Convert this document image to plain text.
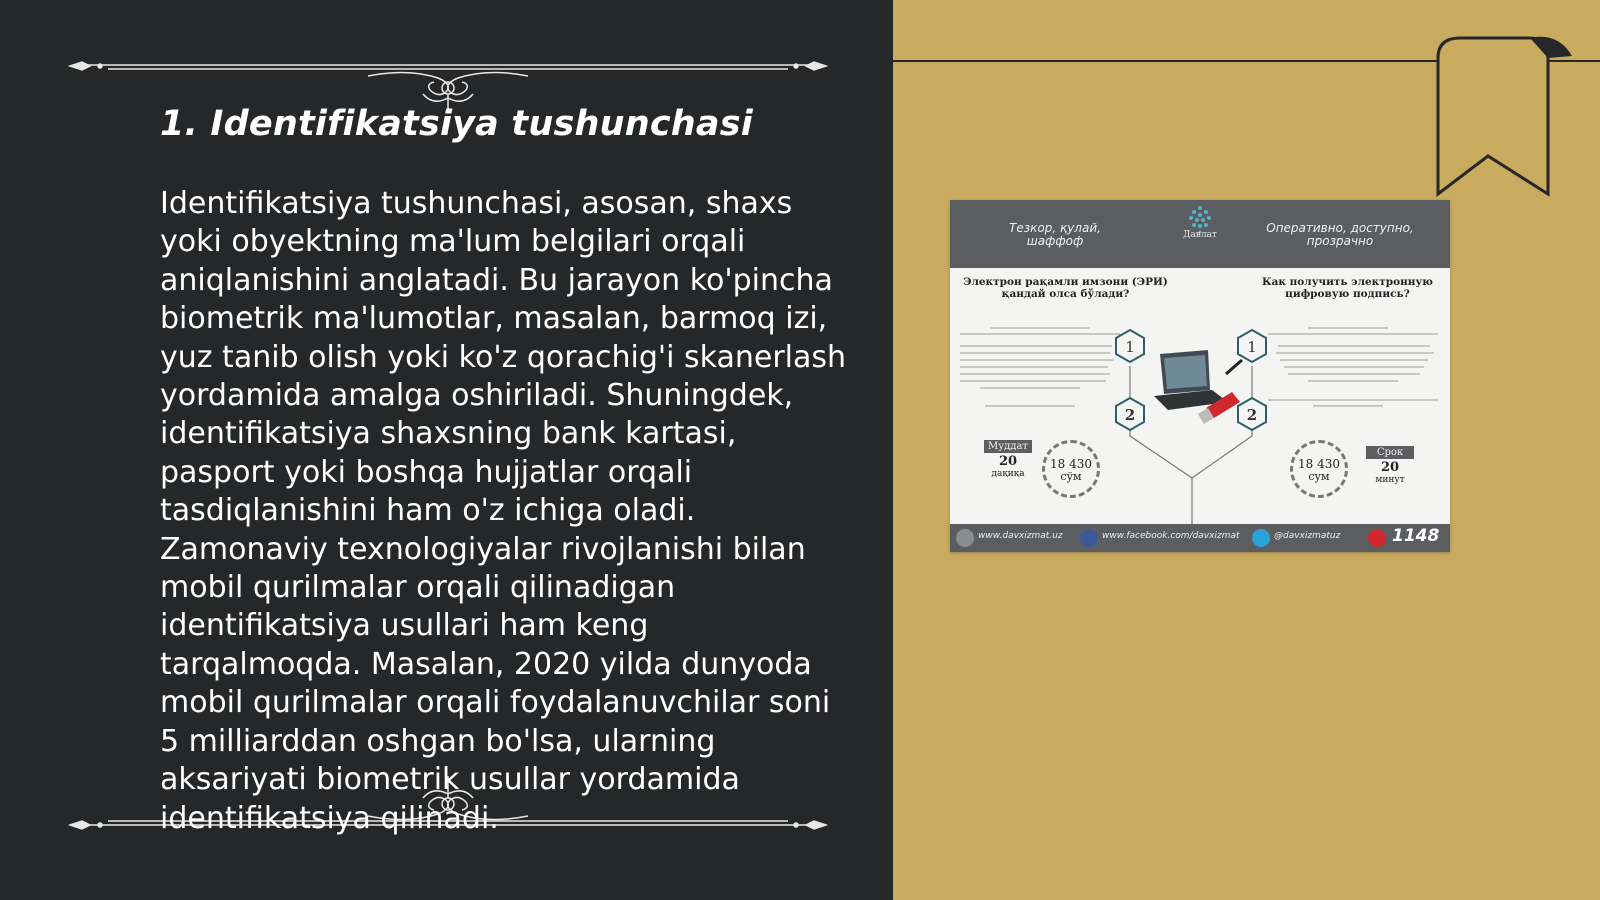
1. Identifikatsiya tushunchasi

Identifikatsiya tushunchasi, asosan, shaxs yoki obyektning ma'lum belgilari orqali aniqlanishini anglatadi. Bu jarayon ko'pincha biometrik ma'lumotlar, masalan, barmoq izi, yuz tanib olish yoki ko'z qorachig'i skanerlash yordamida amalga oshiriladi. Shuningdek, identifikatsiya shaxsning bank kartasi, pasport yoki boshqa hujjatlar orqali tasdiqlanishini ham o'z ichiga oladi. Zamonaviy texnologiyalar rivojlanishi bilan mobil qurilmalar orqali qilinadigan identifikatsiya usullari ham keng tarqalmoqda. Masalan, 2020 yilda dunyoda mobil qurilmalar orqali foydalanuvchilar soni 5 milliarddan oshgan bo'lsa, ularning aksariyati biometrik usullar yordamida identifikatsiya qilinadi.

Тезкор, қулай, шаффоф	Давлат	Оперативно, доступно, прозрачно
Электрон рақамли имзони (ЭРИ) қандай олса бўлади?
Как получить электронную цифровую подпись?
1	1
2	2
Муддат
20
дақиқа
18 430
сўм
18 430
сум
Срок
20
минут
www.davxizmat.uz	www.facebook.com/davxizmat	@davxizmatuz	1148
